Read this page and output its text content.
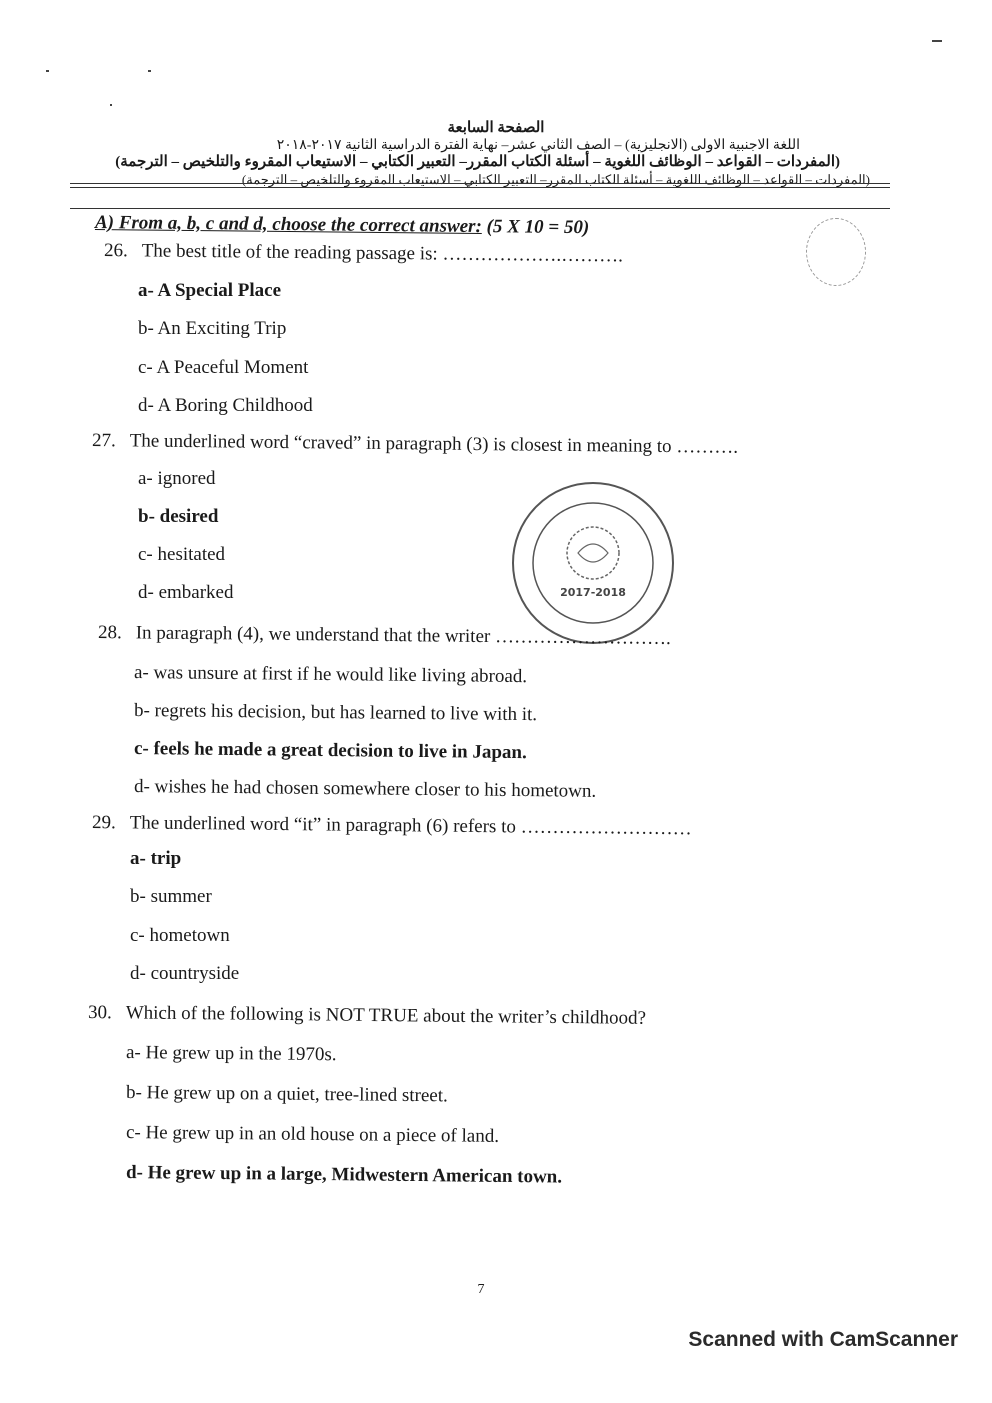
الصفحة السابعة
اللغة الاجنبية الاولى (الانجليزية) – الصف الثاني عشر– نهاية الفترة الدراسية الثانية ٢٠١٧-٢٠١٨
(المفردات – القواعد – الوظائف اللغوية – أسئلة الكتاب المقرر– التعبير الكتابي – الاستيعاب المقروء والتلخيص – الترجمة)
(المفردات – القواعد – الوظائف اللغوية – أسئلة الكتاب المقرر– التعبير الكتابي – الاستيعاب المقروء والتلخيص – الترجمة)
A) From a, b, c and d, choose the correct answer: (5 X 10 = 50)
26. The best title of the reading passage is: ……………….……….
a- A Special Place
b- An Exciting Trip
c- A Peaceful Moment
d- A Boring Childhood
27. The underlined word “craved” in paragraph (3) is closest in meaning to ……….
a- ignored
b- desired
c- hesitated
d- embarked	2017-2018
28. In paragraph (4), we understand that the writer ……………………….
a- was unsure at first if he would like living abroad.
b- regrets his decision, but has learned to live with it.
c- feels he made a great decision to live in Japan.
d- wishes he had chosen somewhere closer to his hometown.
29. The underlined word “it” in paragraph (6) refers to ………………………
a- trip
b- summer
c- hometown
d- countryside
30. Which of the following is NOT TRUE about the writer’s childhood?
a- He grew up in the 1970s.
b- He grew up on a quiet, tree-lined street.
c- He grew up in an old house on a piece of land.
d- He grew up in a large, Midwestern American town.
7
Scanned with CamScanner
